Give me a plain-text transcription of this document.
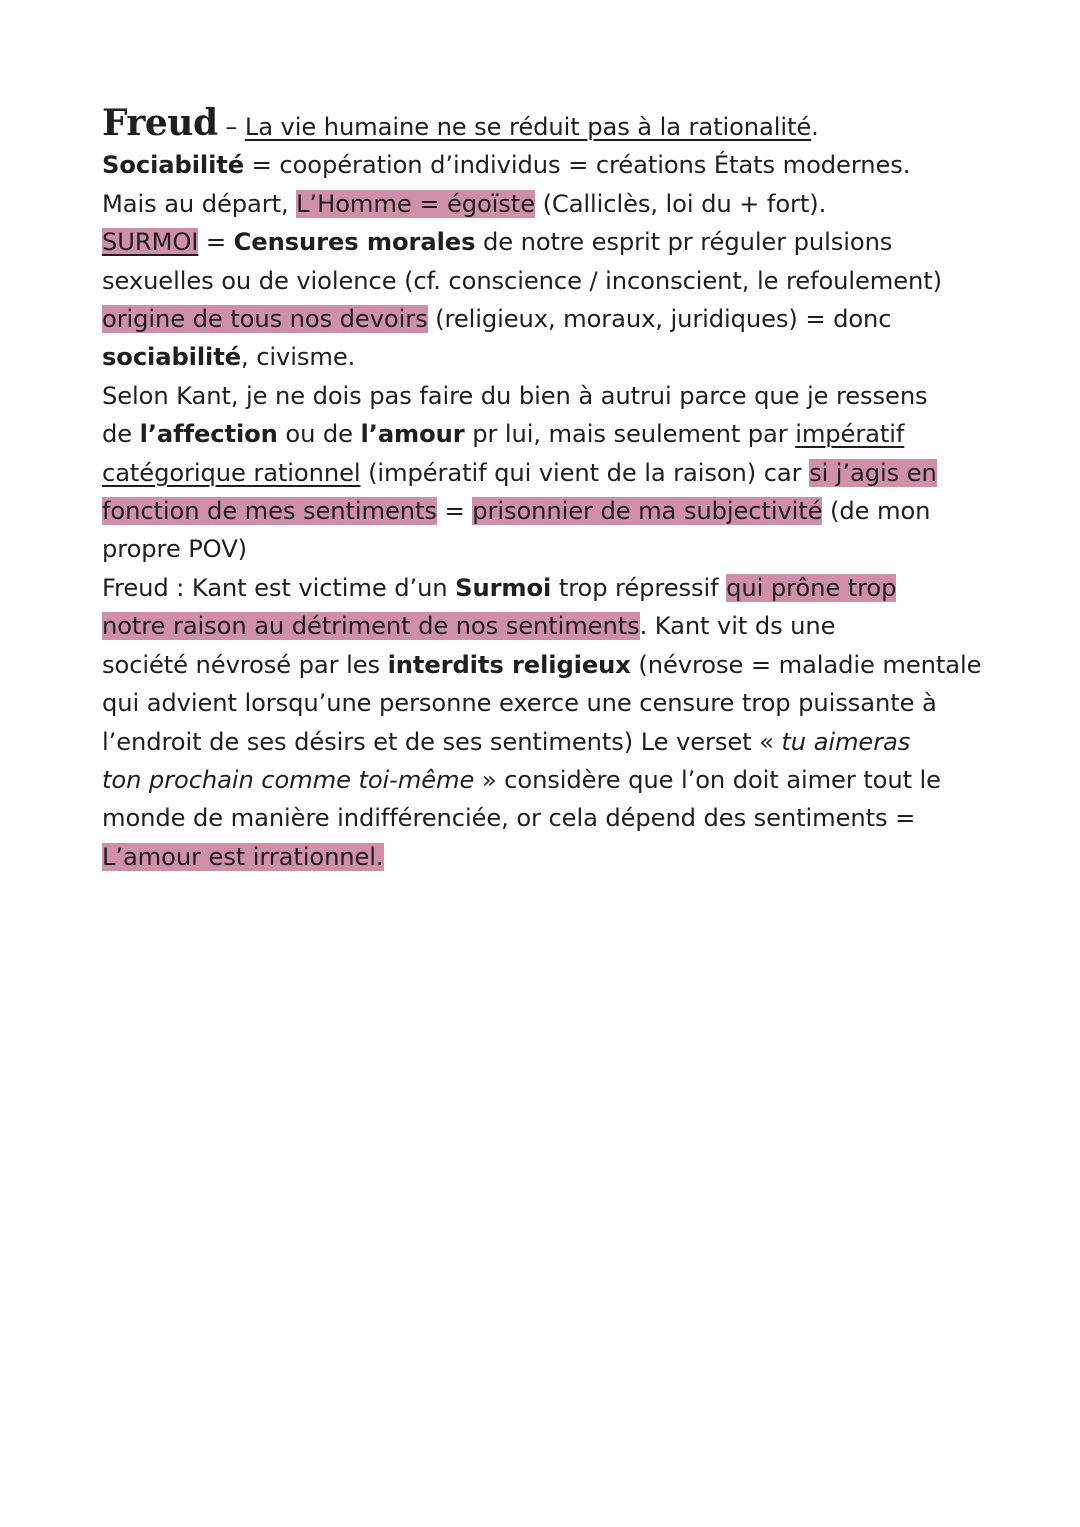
Freud – La vie humaine ne se réduit pas à la rationalité.

Sociabilité = coopération d’individus = créations États modernes.

Mais au départ, L’Homme = égoïste (Calliclès, loi du + fort).

SURMOI = Censures morales de notre esprit pr réguler pulsions
sexuelles ou de violence (cf. conscience / inconscient, le refoulement)
origine de tous nos devoirs (religieux, moraux, juridiques) = donc
sociabilité, civisme.

Selon Kant, je ne dois pas faire du bien à autrui parce que je ressens
de l’affection ou de l’amour pr lui, mais seulement par impératif
catégorique rationnel (impératif qui vient de la raison) car si j’agis en
fonction de mes sentiments = prisonnier de ma subjectivité (de mon
propre POV)

Freud : Kant est victime d’un Surmoi trop répressif qui prône trop
notre raison au détriment de nos sentiments. Kant vit ds une
société névrosé par les interdits religieux (névrose = maladie mentale
qui advient lorsqu’une personne exerce une censure trop puissante à
l’endroit de ses désirs et de ses sentiments) Le verset « tu aimeras
ton prochain comme toi-même » considère que l’on doit aimer tout le
monde de manière indifférenciée, or cela dépend des sentiments =
L’amour est irrationnel.
